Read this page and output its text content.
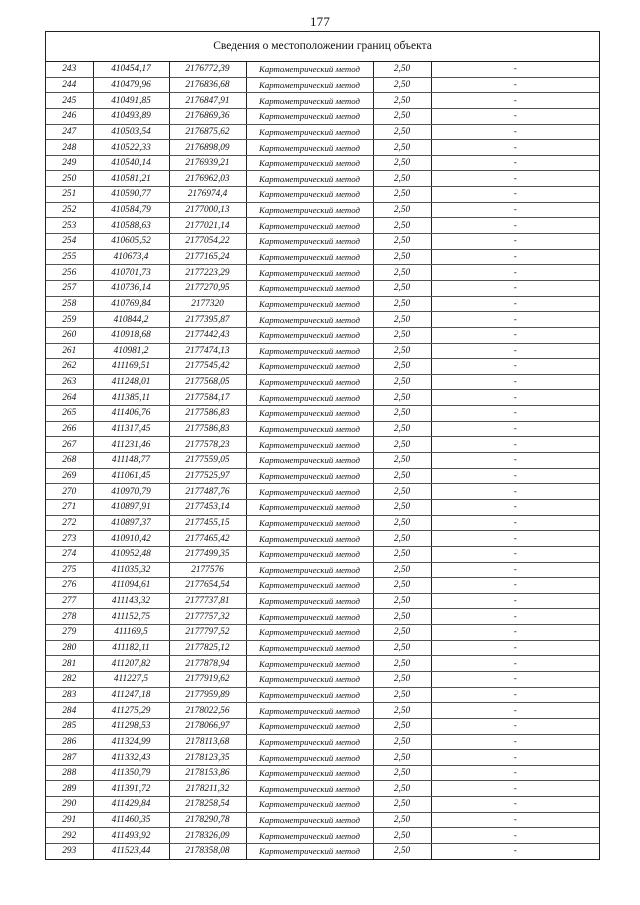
177
Сведения о местоположении границ объекта
243	410454,17	2176772,39	Картометрический метод	2,50	-
244	410479,96	2176836,68	Картометрический метод	2,50	-
245	410491,85	2176847,91	Картометрический метод	2,50	-
246	410493,89	2176869,36	Картометрический метод	2,50	-
247	410503,54	2176875,62	Картометрический метод	2,50	-
248	410522,33	2176898,09	Картометрический метод	2,50	-
249	410540,14	2176939,21	Картометрический метод	2,50	-
250	410581,21	2176962,03	Картометрический метод	2,50	-
251	410590,77	2176974,4	Картометрический метод	2,50	-
252	410584,79	2177000,13	Картометрический метод	2,50	-
253	410588,63	2177021,14	Картометрический метод	2,50	-
254	410605,52	2177054,22	Картометрический метод	2,50	-
255	410673,4	2177165,24	Картометрический метод	2,50	-
256	410701,73	2177223,29	Картометрический метод	2,50	-
257	410736,14	2177270,95	Картометрический метод	2,50	-
258	410769,84	2177320	Картометрический метод	2,50	-
259	410844,2	2177395,87	Картометрический метод	2,50	-
260	410918,68	2177442,43	Картометрический метод	2,50	-
261	410981,2	2177474,13	Картометрический метод	2,50	-
262	411169,51	2177545,42	Картометрический метод	2,50	-
263	411248,01	2177568,05	Картометрический метод	2,50	-
264	411385,11	2177584,17	Картометрический метод	2,50	-
265	411406,76	2177586,83	Картометрический метод	2,50	-
266	411317,45	2177586,83	Картометрический метод	2,50	-
267	411231,46	2177578,23	Картометрический метод	2,50	-
268	411148,77	2177559,05	Картометрический метод	2,50	-
269	411061,45	2177525,97	Картометрический метод	2,50	-
270	410970,79	2177487,76	Картометрический метод	2,50	-
271	410897,91	2177453,14	Картометрический метод	2,50	-
272	410897,37	2177455,15	Картометрический метод	2,50	-
273	410910,42	2177465,42	Картометрический метод	2,50	-
274	410952,48	2177499,35	Картометрический метод	2,50	-
275	411035,32	2177576	Картометрический метод	2,50	-
276	411094,61	2177654,54	Картометрический метод	2,50	-
277	411143,32	2177737,81	Картометрический метод	2,50	-
278	411152,75	2177757,32	Картометрический метод	2,50	-
279	411169,5	2177797,52	Картометрический метод	2,50	-
280	411182,11	2177825,12	Картометрический метод	2,50	-
281	411207,82	2177878,94	Картометрический метод	2,50	-
282	411227,5	2177919,62	Картометрический метод	2,50	-
283	411247,18	2177959,89	Картометрический метод	2,50	-
284	411275,29	2178022,56	Картометрический метод	2,50	-
285	411298,53	2178066,97	Картометрический метод	2,50	-
286	411324,99	2178113,68	Картометрический метод	2,50	-
287	411332,43	2178123,35	Картометрический метод	2,50	-
288	411350,79	2178153,86	Картометрический метод	2,50	-
289	411391,72	2178211,32	Картометрический метод	2,50	-
290	411429,84	2178258,54	Картометрический метод	2,50	-
291	411460,35	2178290,78	Картометрический метод	2,50	-
292	411493,92	2178326,09	Картометрический метод	2,50	-
293	411523,44	2178358,08	Картометрический метод	2,50	-
